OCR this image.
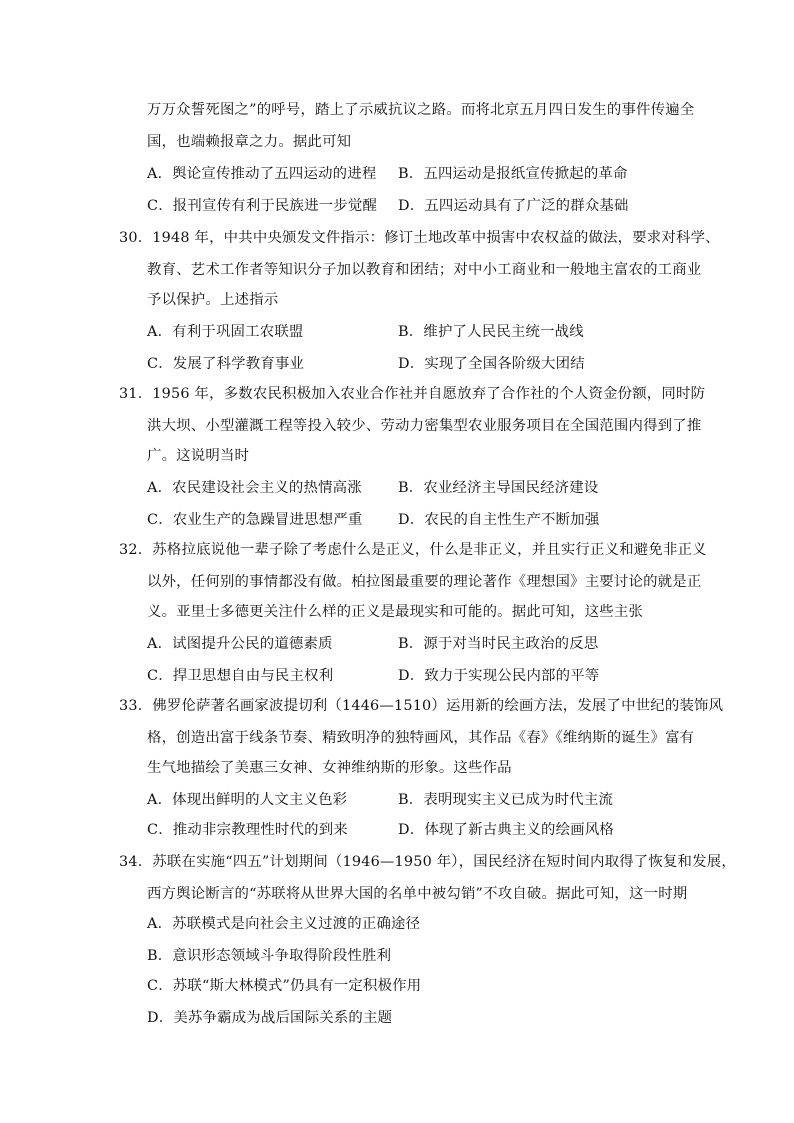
万万众誓死图之”的呼号，踏上了示威抗议之路。而将北京五月四日发生的事件传遍全
国，也端赖报章之力。据此可知
A．舆论宣传推动了五四运动的进程 B．五四运动是报纸宣传掀起的革命
C．报刊宣传有利于民族进一步觉醒 D．五四运动具有了广泛的群众基础
30．1948 年，中共中央颁发文件指示：修订土地改革中损害中农权益的做法，要求对科学、
教育、艺术工作者等知识分子加以教育和团结；对中小工商业和一般地主富农的工商业
予以保护。上述指示
A．有利于巩固工农联盟	B．维护了人民民主统一战线
C．发展了科学教育事业	D．实现了全国各阶级大团结
31．1956 年，多数农民积极加入农业合作社并自愿放弃了合作社的个人资金份额，同时防
洪大坝、小型灌溉工程等投入较少、劳动力密集型农业服务项目在全国范围内得到了推
广。这说明当时
A．农民建设社会主义的热情高涨	B．农业经济主导国民经济建设
C．农业生产的急躁冒进思想严重 D．农民的自主性生产不断加强
32．苏格拉底说他一辈子除了考虑什么是正义，什么是非正义，并且实行正义和避免非正义
以外，任何别的事情都没有做。柏拉图最重要的理论著作《理想国》主要讨论的就是正
义。亚里士多德更关注什么样的正义是最现实和可能的。据此可知，这些主张
A．试图提升公民的道德素质	B．源于对当时民主政治的反思
C．捍卫思想自由与民主权利	D．致力于实现公民内部的平等
33．佛罗伦萨著名画家波提切利（1446—1510）运用新的绘画方法，发展了中世纪的装饰风
格，创造出富于线条节奏、精致明净的独特画风，其作品《春》《维纳斯的诞生》富有
生气地描绘了美惠三女神、女神维纳斯的形象。这些作品
A．体现出鲜明的人文主义色彩	B．表明现实主义已成为时代主流
C．推动非宗教理性时代的到来	D．体现了新古典主义的绘画风格
34．苏联在实施“四五”计划期间（1946—1950 年），国民经济在短时间内取得了恢复和发展，
西方舆论断言的“苏联将从世界大国的名单中被勾销”不攻自破。据此可知，这一时期
A．苏联模式是向社会主义过渡的正确途径
B．意识形态领域斗争取得阶段性胜利
C．苏联“斯大林模式”仍具有一定积极作用
D．美苏争霸成为战后国际关系的主题
